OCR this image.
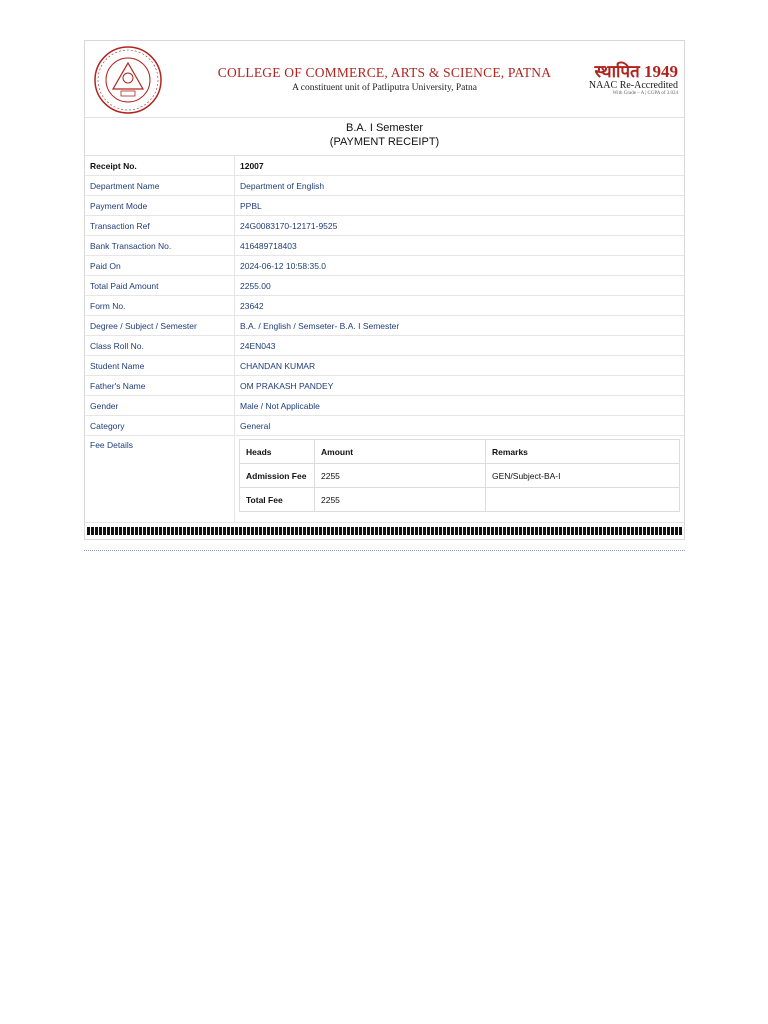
COLLEGE OF COMMERCE, ARTS & SCIENCE, PATNA
A constituent unit of Patliputra University, Patna
स्थापित 1949
NAAC Re-Accredited
With Grade – A | CGPA of 3.024
B.A. I Semester
(PAYMENT RECEIPT)
Receipt No.	12007
Department Name	Department of English
Payment Mode	PPBL
Transaction Ref	24G0083170-12171-9525
Bank Transaction No.	416489718403
Paid On	2024-06-12 10:58:35.0
Total Paid Amount	2255.00
Form No.	23642
Degree / Subject / Semester	B.A. / English / Semseter- B.A. I Semester
Class Roll No.	24EN043
Student Name	CHANDAN KUMAR
Father's Name	OM PRAKASH PANDEY
Gender	Male / Not Applicable
Category	General
Fee Details	
Heads	Amount	Remarks
Admission Fee	2255	GEN/Subject-BA-I
Total Fee	2255	
